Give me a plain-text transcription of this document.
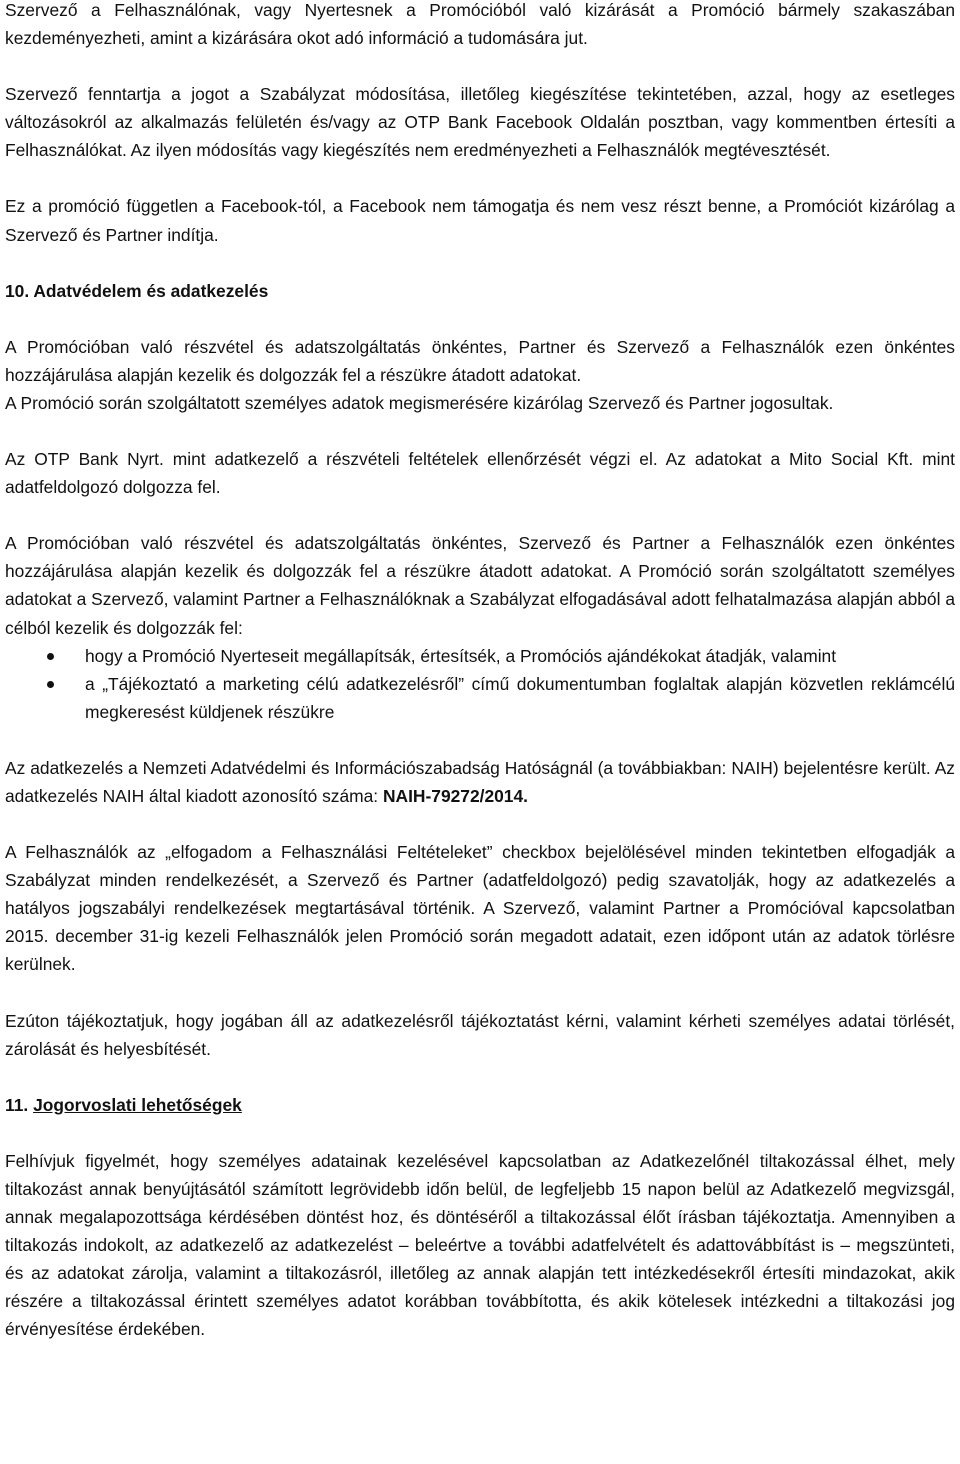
Szervező a Felhasználónak, vagy Nyertesnek a Promócióból való kizárását a Promóció bármely szakaszában kezdeményezheti, amint a kizárására okot adó információ a tudomására jut.

Szervező fenntartja a jogot a Szabályzat módosítása, illetőleg kiegészítése tekintetében, azzal, hogy az esetleges változásokról az alkalmazás felületén és/vagy az OTP Bank Facebook Oldalán posztban, vagy kommentben értesíti a Felhasználókat. Az ilyen módosítás vagy kiegészítés nem eredményezheti a Felhasználók megtévesztését.

Ez a promóció független a Facebook-tól, a Facebook nem támogatja és nem vesz részt benne, a Promóciót kizárólag a Szervező és Partner indítja.

10. Adatvédelem és adatkezelés

A Promócióban való részvétel és adatszolgáltatás önkéntes, Partner és Szervező a Felhasználók ezen önkéntes hozzájárulása alapján kezelik és dolgozzák fel a részükre átadott adatokat.

A Promóció során szolgáltatott személyes adatok megismerésére kizárólag Szervező és Partner jogosultak.

Az OTP Bank Nyrt. mint adatkezelő a részvételi feltételek ellenőrzését végzi el. Az adatokat a Mito Social Kft. mint adatfeldolgozó dolgozza fel.

A Promócióban való részvétel és adatszolgáltatás önkéntes, Szervező és Partner a Felhasználók ezen önkéntes hozzájárulása alapján kezelik és dolgozzák fel a részükre átadott adatokat. A Promóció során szolgáltatott személyes adatokat a Szervező, valamint Partner a Felhasználóknak a Szabályzat elfogadásával adott felhatalmazása alapján abból a célból kezelik és dolgozzák fel:

hogy a Promóció Nyerteseit megállapítsák, értesítsék, a Promóciós ajándékokat átadják, valamint
a „Tájékoztató a marketing célú adatkezelésről” című dokumentumban foglaltak alapján közvetlen reklámcélú megkeresést küldjenek részükre

Az adatkezelés a Nemzeti Adatvédelmi és Információszabadság Hatóságnál (a továbbiakban: NAIH) bejelentésre került. Az adatkezelés NAIH által kiadott azonosító száma: NAIH-79272/2014.

A Felhasználók az „elfogadom a Felhasználási Feltételeket” checkbox bejelölésével minden tekintetben elfogadják a Szabályzat minden rendelkezését, a Szervező és Partner (adatfeldolgozó) pedig szavatolják, hogy az adatkezelés a hatályos jogszabályi rendelkezések megtartásával történik. A Szervező, valamint Partner a Promócióval kapcsolatban 2015. december 31-ig kezeli Felhasználók jelen Promóció során megadott adatait, ezen időpont után az adatok törlésre kerülnek.

Ezúton tájékoztatjuk, hogy jogában áll az adatkezelésről tájékoztatást kérni, valamint kérheti személyes adatai törlését, zárolását és helyesbítését.

11. Jogorvoslati lehetőségek

Felhívjuk figyelmét, hogy személyes adatainak kezelésével kapcsolatban az Adatkezelőnél tiltakozással élhet, mely tiltakozást annak benyújtásától számított legrövidebb időn belül, de legfeljebb 15 napon belül az Adatkezelő megvizsgál, annak megalapozottsága kérdésében döntést hoz, és döntéséről a tiltakozással élőt írásban tájékoztatja. Amennyiben a tiltakozás indokolt, az adatkezelő az adatkezelést – beleértve a további adatfelvételt és adattovábbítást is – megszünteti, és az adatokat zárolja, valamint a tiltakozásról, illetőleg az annak alapján tett intézkedésekről értesíti mindazokat, akik részére a tiltakozással érintett személyes adatot korábban továbbította, és akik kötelesek intézkedni a tiltakozási jog érvényesítése érdekében.
